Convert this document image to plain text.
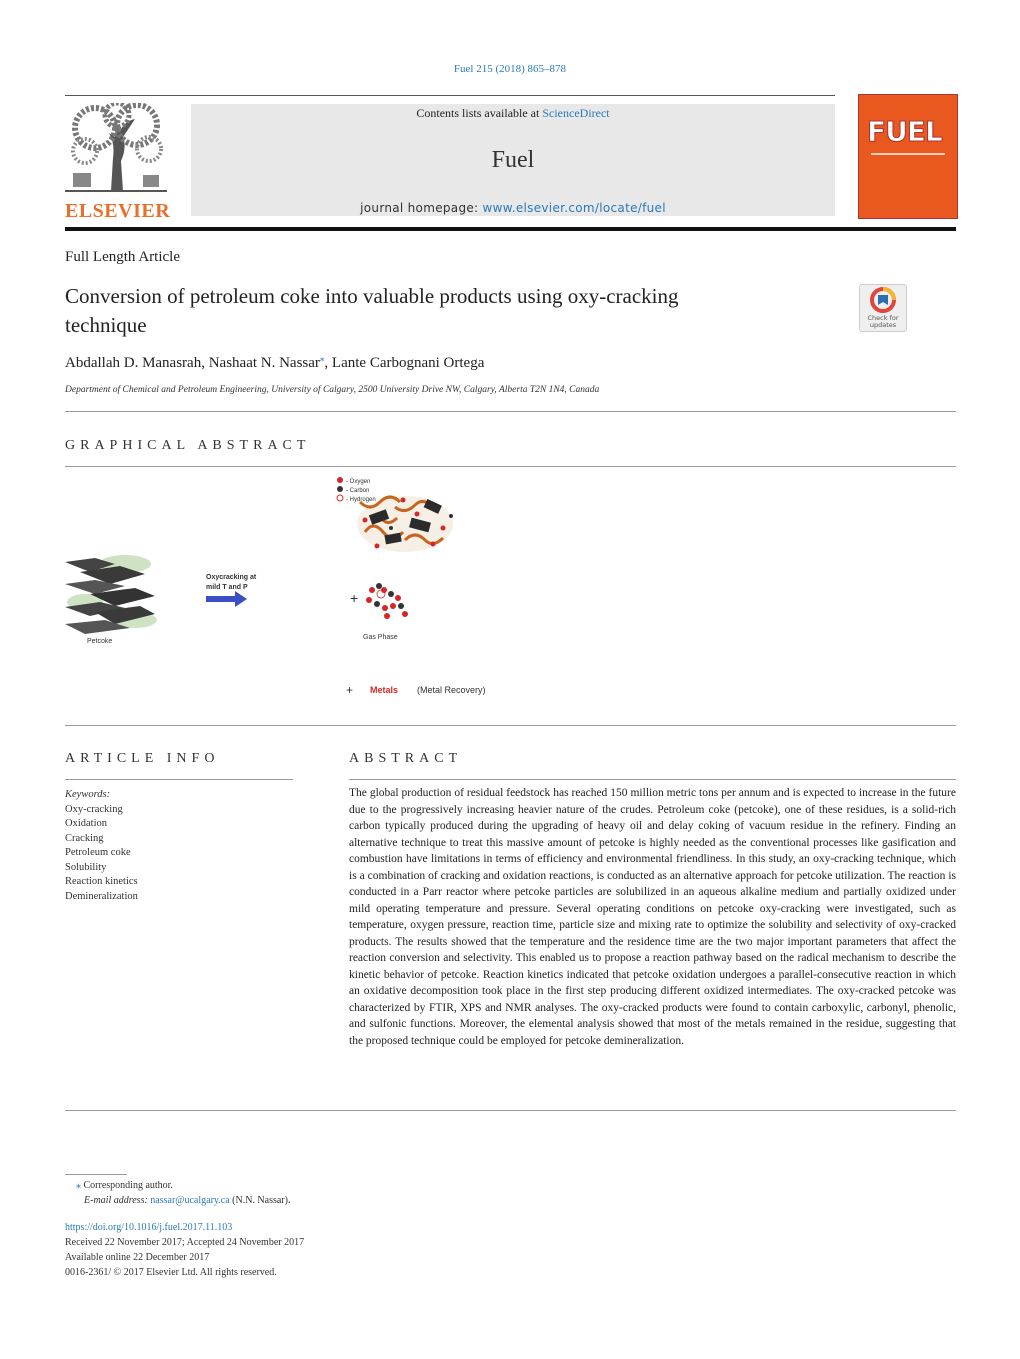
Fuel 215 (2018) 865–878
ELSEVIER
Contents lists available at ScienceDirect
Fuel
journal homepage: www.elsevier.com/locate/fuel
FUEL
Full Length Article
Conversion of petroleum coke into valuable products using oxy-cracking
technique	Check for
updates
Abdallah D. Manasrah, Nashaat N. Nassar⁎, Lante Carbognani Ortega
Department of Chemical and Petroleum Engineering, University of Calgary, 2500 University Drive NW, Calgary, Alberta T2N 1N4, Canada
GRAPHICAL ABSTRACT
- Oxygen
- Carbon
- Hydrogen
Petcoke
Oxycracking at
mild T and P
+
Gas Phase
+ Metals (Metal Recovery)
ARTICLE INFO
Keywords:
Oxy-cracking
Oxidation
Cracking
Petroleum coke
Solubility
Reaction kinetics
Demineralization
ABSTRACT
The global production of residual feedstock has reached 150 million metric tons per annum and is expected to increase in the future due to the progressively increasing heavier nature of the crudes. Petroleum coke (petcoke), one of these residues, is a solid-rich carbon typically produced during the upgrading of heavy oil and delay coking of vacuum residue in the refinery. Finding an alternative technique to treat this massive amount of petcoke is highly needed as the conventional processes like gasification and combustion have limitations in terms of efficiency and environmental friendliness. In this study, an oxy-cracking technique, which is a combination of cracking and oxidation reactions, is conducted as an alternative approach for petcoke utilization. The reaction is conducted in a Parr reactor where petcoke particles are solubilized in an aqueous alkaline medium and partially oxidized under mild operating temperature and pressure. Several operating conditions on petcoke oxy-cracking were investigated, such as temperature, oxygen pressure, reaction time, particle size and mixing rate to optimize the solubility and selectivity of oxy-cracked products. The results showed that the temperature and the residence time are the two major important parameters that affect the reaction conversion and selectivity. This enabled us to propose a reaction pathway based on the radical mechanism to describe the kinetic behavior of petcoke. Reaction kinetics indicated that petcoke oxidation undergoes a parallel-consecutive reaction in which an oxidative decomposition took place in the first step producing different oxidized intermediates. The oxy-cracked petcoke was characterized by FTIR, XPS and NMR analyses. The oxy-cracked products were found to contain carboxylic, carbonyl, phenolic, and sulfonic functions. Moreover, the elemental analysis showed that most of the metals remained in the residue, suggesting that the proposed technique could be employed for petcoke demineralization.
⁎ Corresponding author.
E-mail address: nassar@ucalgary.ca (N.N. Nassar).
https://doi.org/10.1016/j.fuel.2017.11.103
Received 22 November 2017; Accepted 24 November 2017
Available online 22 December 2017
0016-2361/ © 2017 Elsevier Ltd. All rights reserved.
